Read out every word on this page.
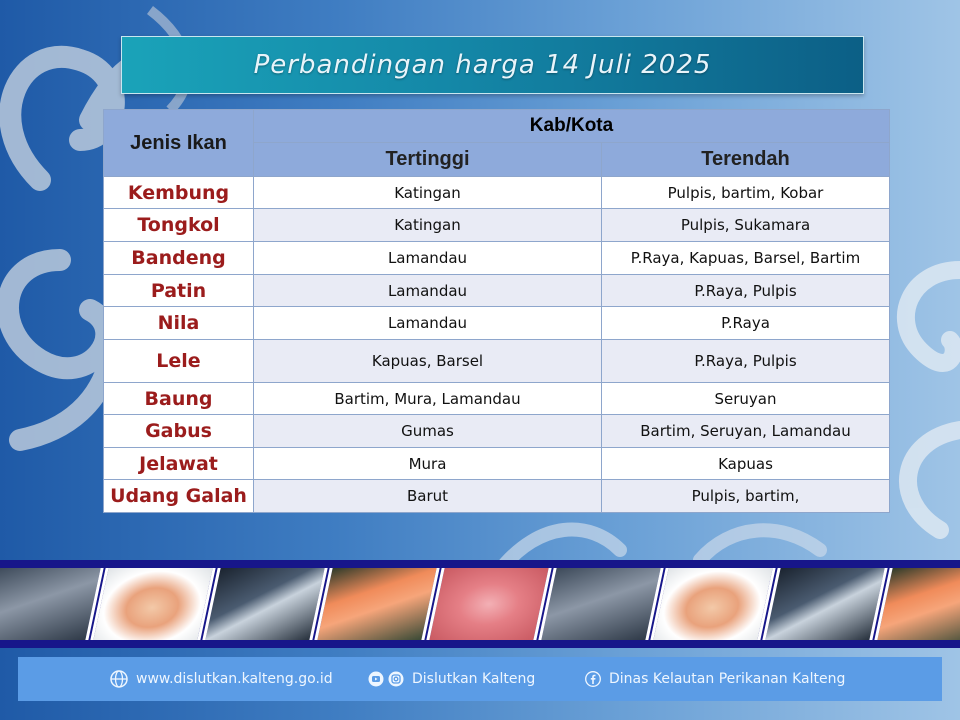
Perbandingan harga 14 Juli 2025
Jenis Ikan	Kab/Kota	
	Tertinggi	Terendah
Kembung	Katingan	Pulpis, bartim, Kobar
Tongkol	Katingan	Pulpis, Sukamara
Bandeng	Lamandau	P.Raya, Kapuas, Barsel, Bartim
Patin	Lamandau	P.Raya, Pulpis
Nila	Lamandau	P.Raya
Lele	Kapuas, Barsel	P.Raya, Pulpis
Baung	Bartim, Mura, Lamandau	Seruyan
Gabus	Gumas	Bartim, Seruyan, Lamandau
Jelawat	Mura	Kapuas
Udang Galah	Barut	Pulpis, bartim,
www.dislutkan.kalteng.go.id	Dislutkan Kalteng	Dinas Kelautan Perikanan Kalteng
